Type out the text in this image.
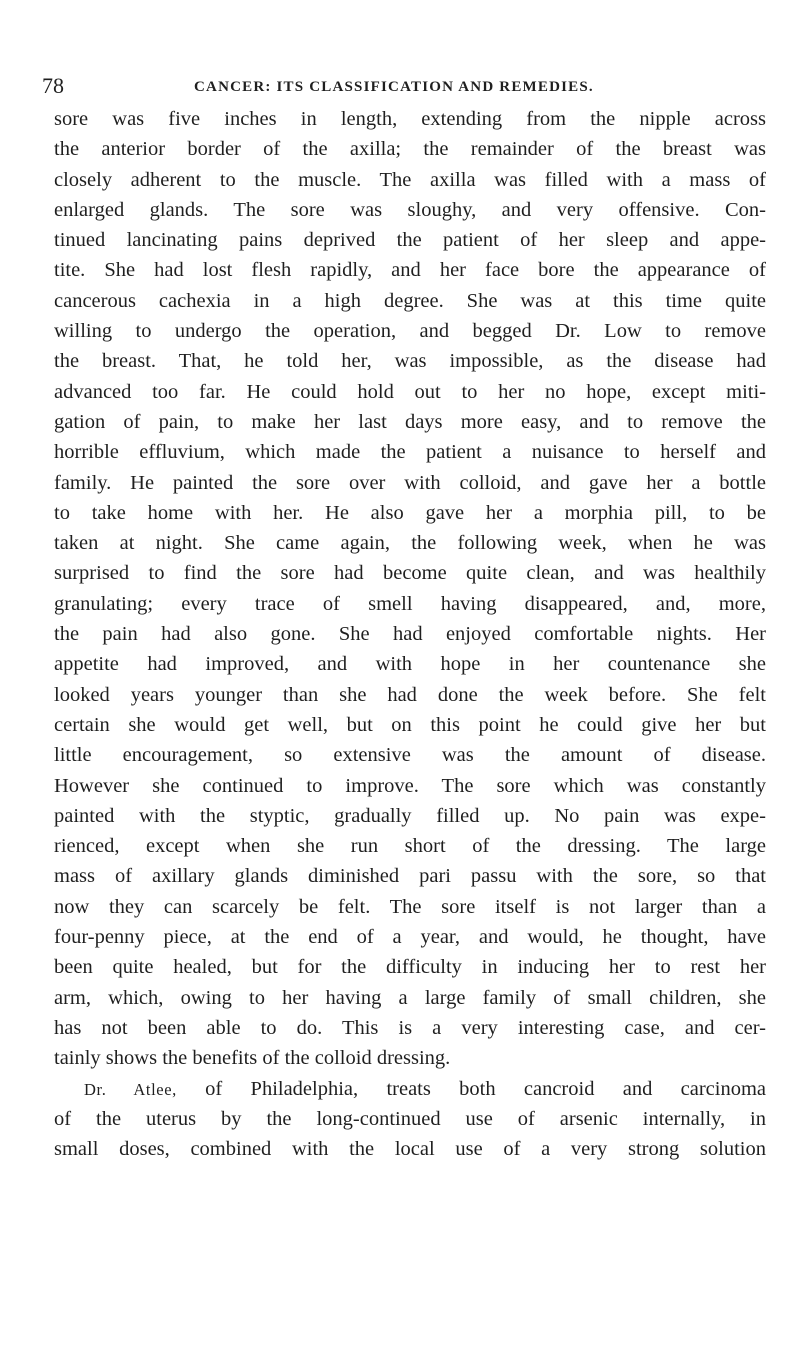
78	CANCER: ITS CLASSIFICATION AND REMEDIES.

sore was five inches in length, extending from the nipple across
the anterior border of the axilla; the remainder of the breast was
closely adherent to the muscle. The axilla was filled with a mass of
enlarged glands. The sore was sloughy, and very offensive. Con-
tinued lancinating pains deprived the patient of her sleep and appe-
tite. She had lost flesh rapidly, and her face bore the appearance of
cancerous cachexia in a high degree. She was at this time quite
willing to undergo the operation, and begged Dr. Low to remove
the breast. That, he told her, was impossible, as the disease had
advanced too far. He could hold out to her no hope, except miti-
gation of pain, to make her last days more easy, and to remove the
horrible effluvium, which made the patient a nuisance to herself and
family. He painted the sore over with colloid, and gave her a bottle
to take home with her. He also gave her a morphia pill, to be
taken at night. She came again, the following week, when he was
surprised to find the sore had become quite clean, and was healthily
granulating; every trace of smell having disappeared, and, more,
the pain had also gone. She had enjoyed comfortable nights. Her
appetite had improved, and with hope in her countenance she
looked years younger than she had done the week before. She felt
certain she would get well, but on this point he could give her but
little encouragement, so extensive was the amount of disease.
However she continued to improve. The sore which was constantly
painted with the styptic, gradually filled up. No pain was expe-
rienced, except when she run short of the dressing. The large
mass of axillary glands diminished pari passu with the sore, so that
now they can scarcely be felt. The sore itself is not larger than a
four-penny piece, at the end of a year, and would, he thought, have
been quite healed, but for the difficulty in inducing her to rest her
arm, which, owing to her having a large family of small children, she
has not been able to do. This is a very interesting case, and cer-
tainly shows the benefits of the colloid dressing.

Dr. Atlee, of Philadelphia, treats both cancroid and carcinoma
of the uterus by the long-continued use of arsenic internally, in
small doses, combined with the local use of a very strong solution
